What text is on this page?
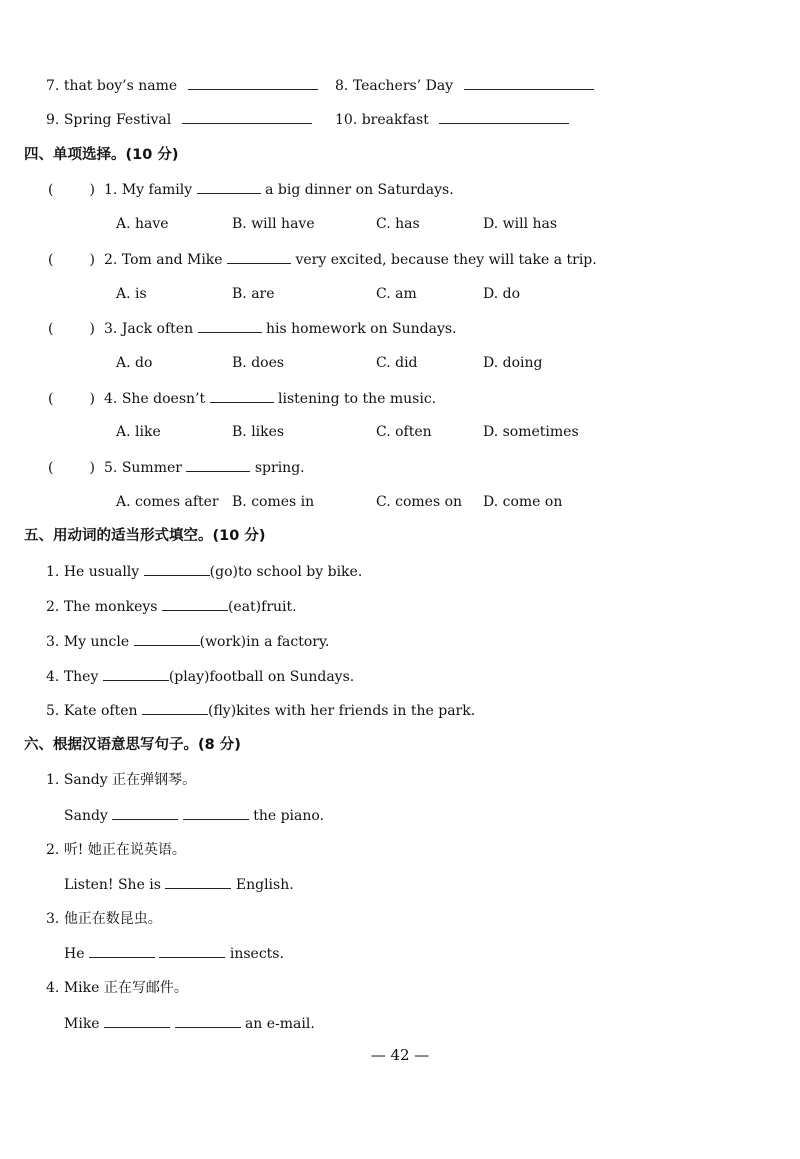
7. that boy’s name	8. Teachers’ Day
9. Spring Festival	10. breakfast
四、单项选择。(10 分)
(	) 1. My family	a big dinner on Saturdays.
A. have	B. will have	C. has	D. will has
(	) 2. Tom and Mike	very excited, because they will take a trip.
A. is	B. are	C. am	D. do
(	) 3. Jack often	his homework on Sundays.
A. do	B. does	C. did	D. doing
(	) 4. She doesn’t	listening to the music.
A. like	B. likes	C. often	D. sometimes
(	) 5. Summer	spring.
A. comes after B. comes in	C. comes on D. come on
五、用动词的适当形式填空。(10 分)
1. He usually	(go)to school by bike.
2. The monkeys	(eat)fruit.
3. My uncle	(work)in a factory.
4. They	(play)football on Sundays.
5. Kate often	(fly)kites with her friends in the park.
六、根据汉语意思写句子。(8 分)
1. Sandy 正在弹钢琴。
Sandy	the piano.
2. 听! 她正在说英语。
Listen! She is	English.
3. 他正在数昆虫。
He	insects.
4. Mike 正在写邮件。
Mike	an e-mail.
— 42 —
